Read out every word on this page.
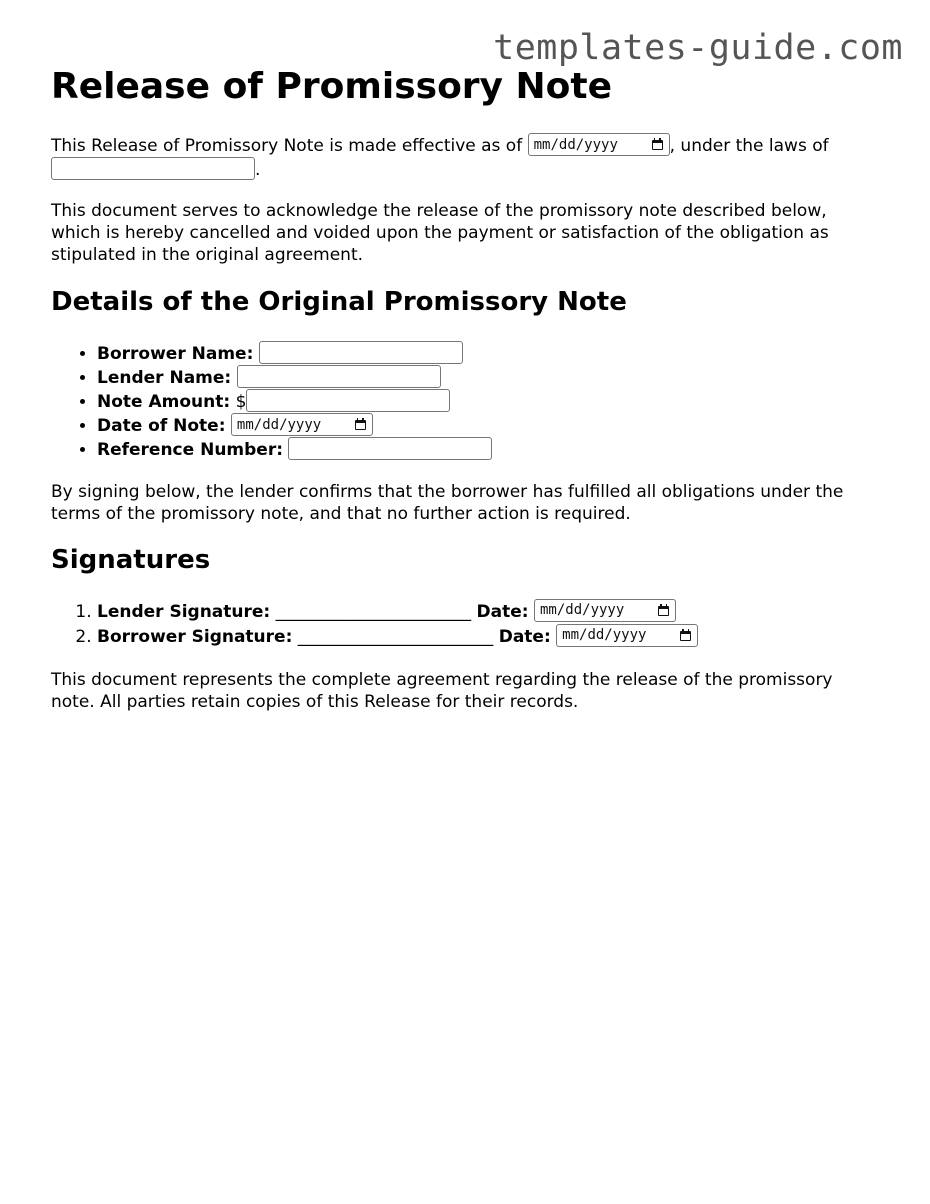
templates-guide.com
Release of Promissory Note

This Release of Promissory Note is made effective as of mm/dd/yyyy	, under the laws of
.

This document serves to acknowledge the release of the promissory note described below, which is hereby cancelled and voided upon the payment or satisfaction of the obligation as stipulated in the original agreement.

Details of the Original Promissory Note
• Borrower Name:
• Lender Name:
• Note Amount: $
• Date of Note: mm/dd/yyyy
• Reference Number:

By signing below, the lender confirms that the borrower has fulfilled all obligations under the terms of the promissory note, and that no further action is required.

Signatures
1. Lender Signature: _______________________ Date: mm/dd/yyyy
2. Borrower Signature: _______________________ Date: mm/dd/yyyy

This document represents the complete agreement regarding the release of the promissory note. All parties retain copies of this Release for their records.
